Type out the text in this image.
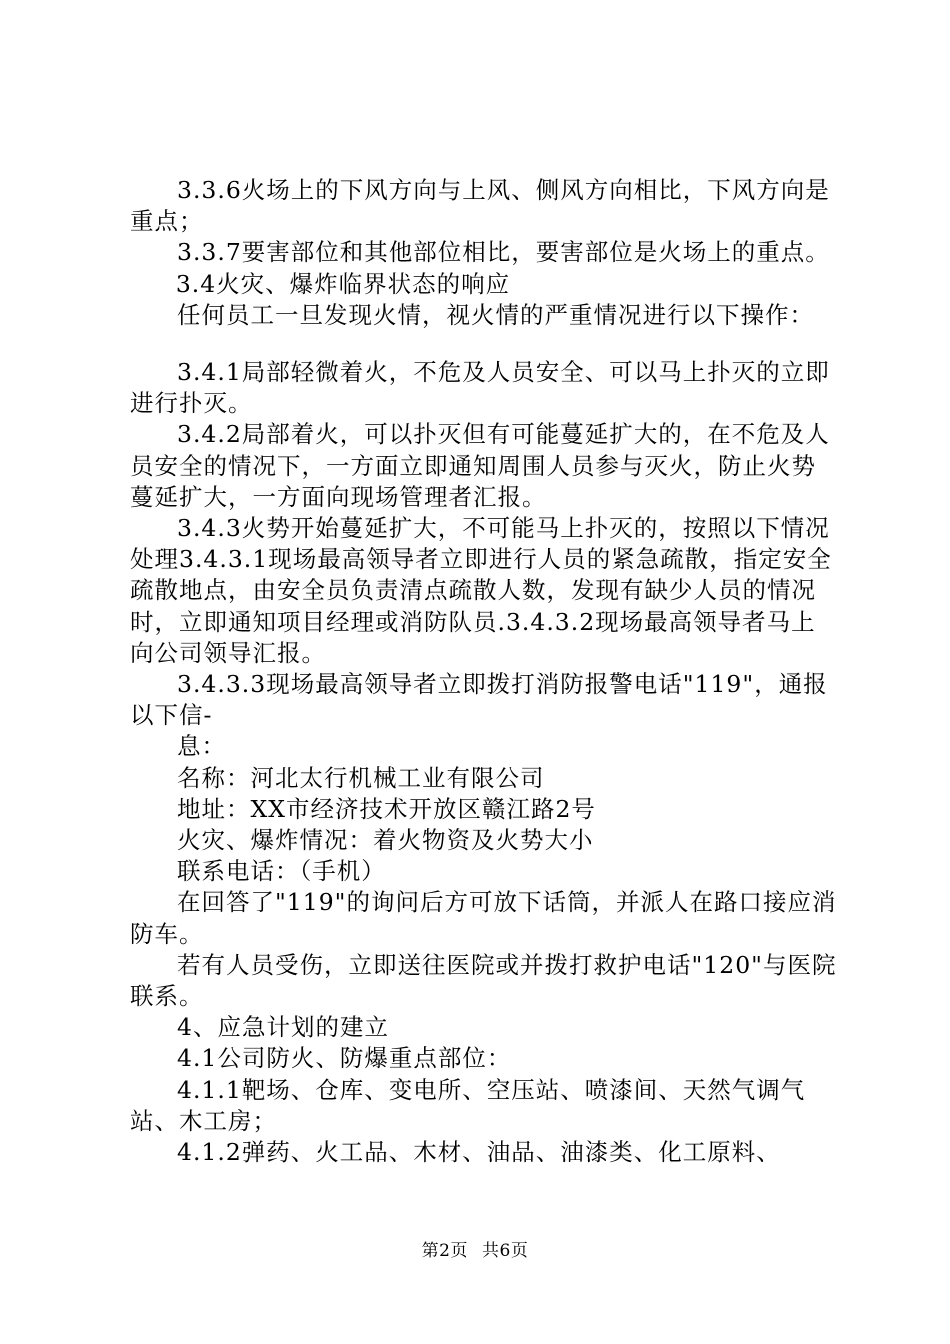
3.3.6火场上的下风方向与上风、侧风方向相比，下风方向是重点；

3.3.7要害部位和其他部位相比，要害部位是火场上的重点。

3.4火灾、爆炸临界状态的响应

任何员工一旦发现火情，视火情的严重情况进行以下操作：

3.4.1局部轻微着火，不危及人员安全、可以马上扑灭的立即进行扑灭。

3.4.2局部着火，可以扑灭但有可能蔓延扩大的，在不危及人员安全的情况下，一方面立即通知周围人员参与灭火，防止火势蔓延扩大，一方面向现场管理者汇报。

3.4.3火势开始蔓延扩大，不可能马上扑灭的，按照以下情况处理3.4.3.1现场最高领导者立即进行人员的紧急疏散，指定安全疏散地点，由安全员负责清点疏散人数，发现有缺少人员的情况时，立即通知项目经理或消防队员.3.4.3.2现场最高领导者马上向公司领导汇报。

3.4.3.3现场最高领导者立即拨打消防报警电话"119"，通报以下信-

息：

名称：河北太行机械工业有限公司

地址：XX市经济技术开放区赣江路2号

火灾、爆炸情况：着火物资及火势大小

联系电话：（手机）

在回答了"119"的询问后方可放下话筒，并派人在路口接应消防车。

若有人员受伤，立即送往医院或并拨打救护电话"120"与医院联系。

4、应急计划的建立

4.1公司防火、防爆重点部位：

4.1.1靶场、仓库、变电所、空压站、喷漆间、天然气调气站、木工房；

4.1.2弹药、火工品、木材、油品、油漆类、化工原料、

第2页 共6页
